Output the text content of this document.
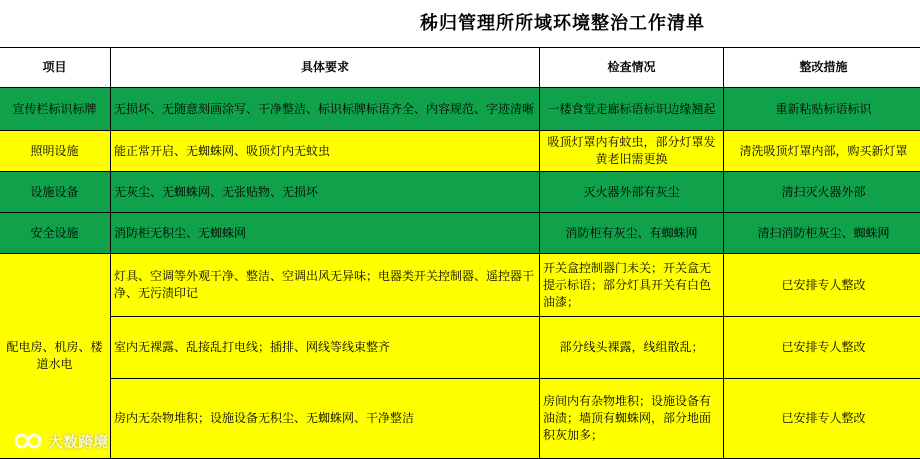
秭归管理所所域环境整治工作清单
项目	具体要求	检查情况	整改措施
宣传栏标识标牌	无损坏、无随意刻画涂写、干净整洁、标识标牌标语齐全、内容规范、字迹清晰	一楼食堂走廊标语标识边缘翘起	重新粘贴标语标识
照明设施	能正常开启、无蜘蛛网、吸顶灯内无蚊虫	吸顶灯罩内有蚊虫，部分灯罩发黄老旧需更换	清洗吸顶灯罩内部，购买新灯罩
设施设备	无灰尘、无蜘蛛网、无张贴物、无损坏	灭火器外部有灰尘	清扫灭火器外部
安全设施	消防柜无积尘、无蜘蛛网	消防柜有灰尘、有蜘蛛网	清扫消防柜灰尘、蜘蛛网
配电房、机房、楼道水电	灯具、空调等外观干净、整洁、空调出风无异味；电器类开关控制器、遥控器干净、无污渍印记	开关盒控制器门未关；开关盒无提示标语；部分灯具开关有白色油漆；	已安排专人整改
	室内无裸露、乱接乱打电线；插排、网线等线束整齐	部分线头裸露，线组散乱；	已安排专人整改
	房内无杂物堆积；设施设备无积尘、无蜘蛛网、干净整洁	房间内有杂物堆积；设施设备有油渍；墙顶有蜘蛛网，部分地面积灰加多；	已安排专人整改
大数跨境
